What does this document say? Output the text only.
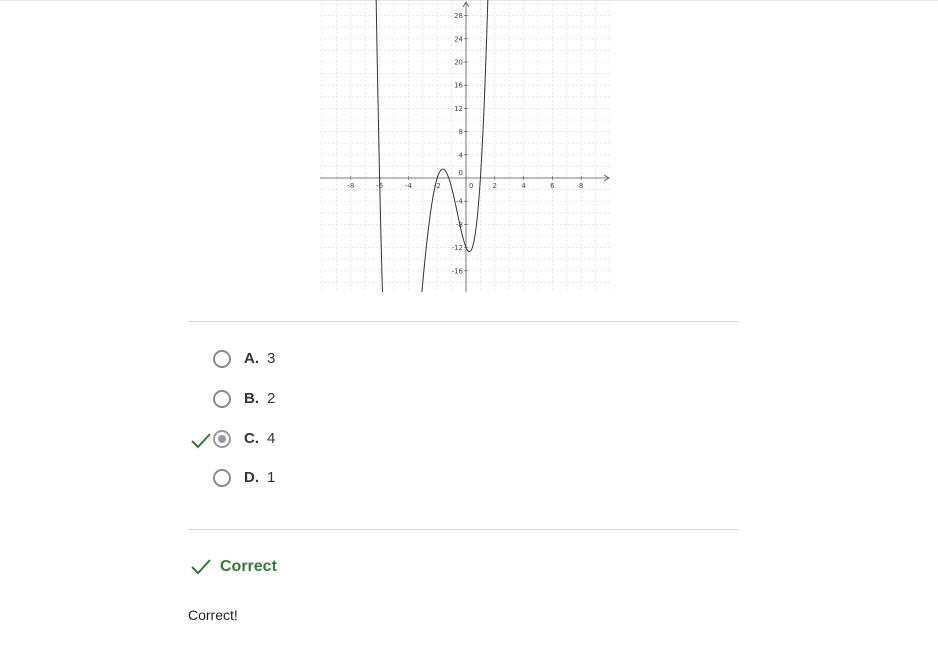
-8	-6	-4	-2	0	2	4	6	8
28
24
20
16
12
8
4
0
-4
-8
-12
-16
A. 3
B. 2
C. 4
D. 1
Correct
Correct!
